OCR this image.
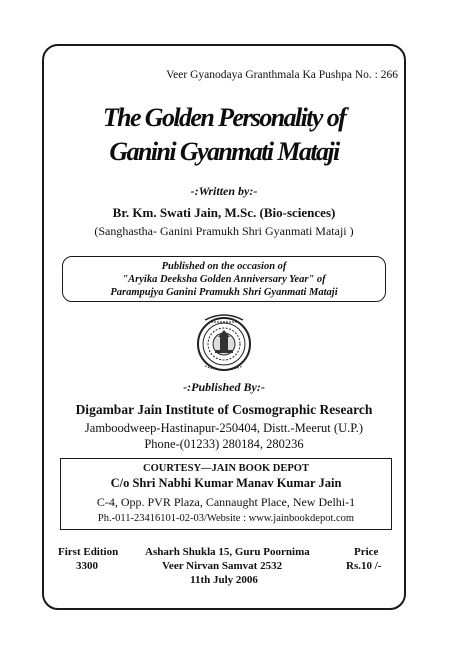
Veer Gyanodaya Granthmala Ka Pushpa No. : 266
The Golden Personality of
Ganini Gyanmati Mataji
-:Written by:-
Br. Km. Swati Jain, M.Sc. (Bio-sciences)
(Sanghastha- Ganini Pramukh Shri Gyanmati Mataji )
Published on the occasion of
"Aryika Deeksha Golden Anniversary Year" of
Parampujya Ganini Pramukh Shri Gyanmati Mataji
-:Published By:-
Digambar Jain Institute of Cosmographic Research
Jamboodweep-Hastinapur-250404, Distt.-Meerut (U.P.)
Phone-(01233) 280184, 280236
COURTESY—JAIN BOOK DEPOT
C/o Shri Nabhi Kumar Manav Kumar Jain
C-4, Opp. PVR Plaza, Cannaught Place, New Delhi-1
Ph.-011-23416101-02-03/Website : www.jainbookdepot.com
First Edition
3300
Asharh Shukla 15, Guru Poornima
Veer Nirvan Samvat 2532
11th July 2006
Price
Rs.10 /-
